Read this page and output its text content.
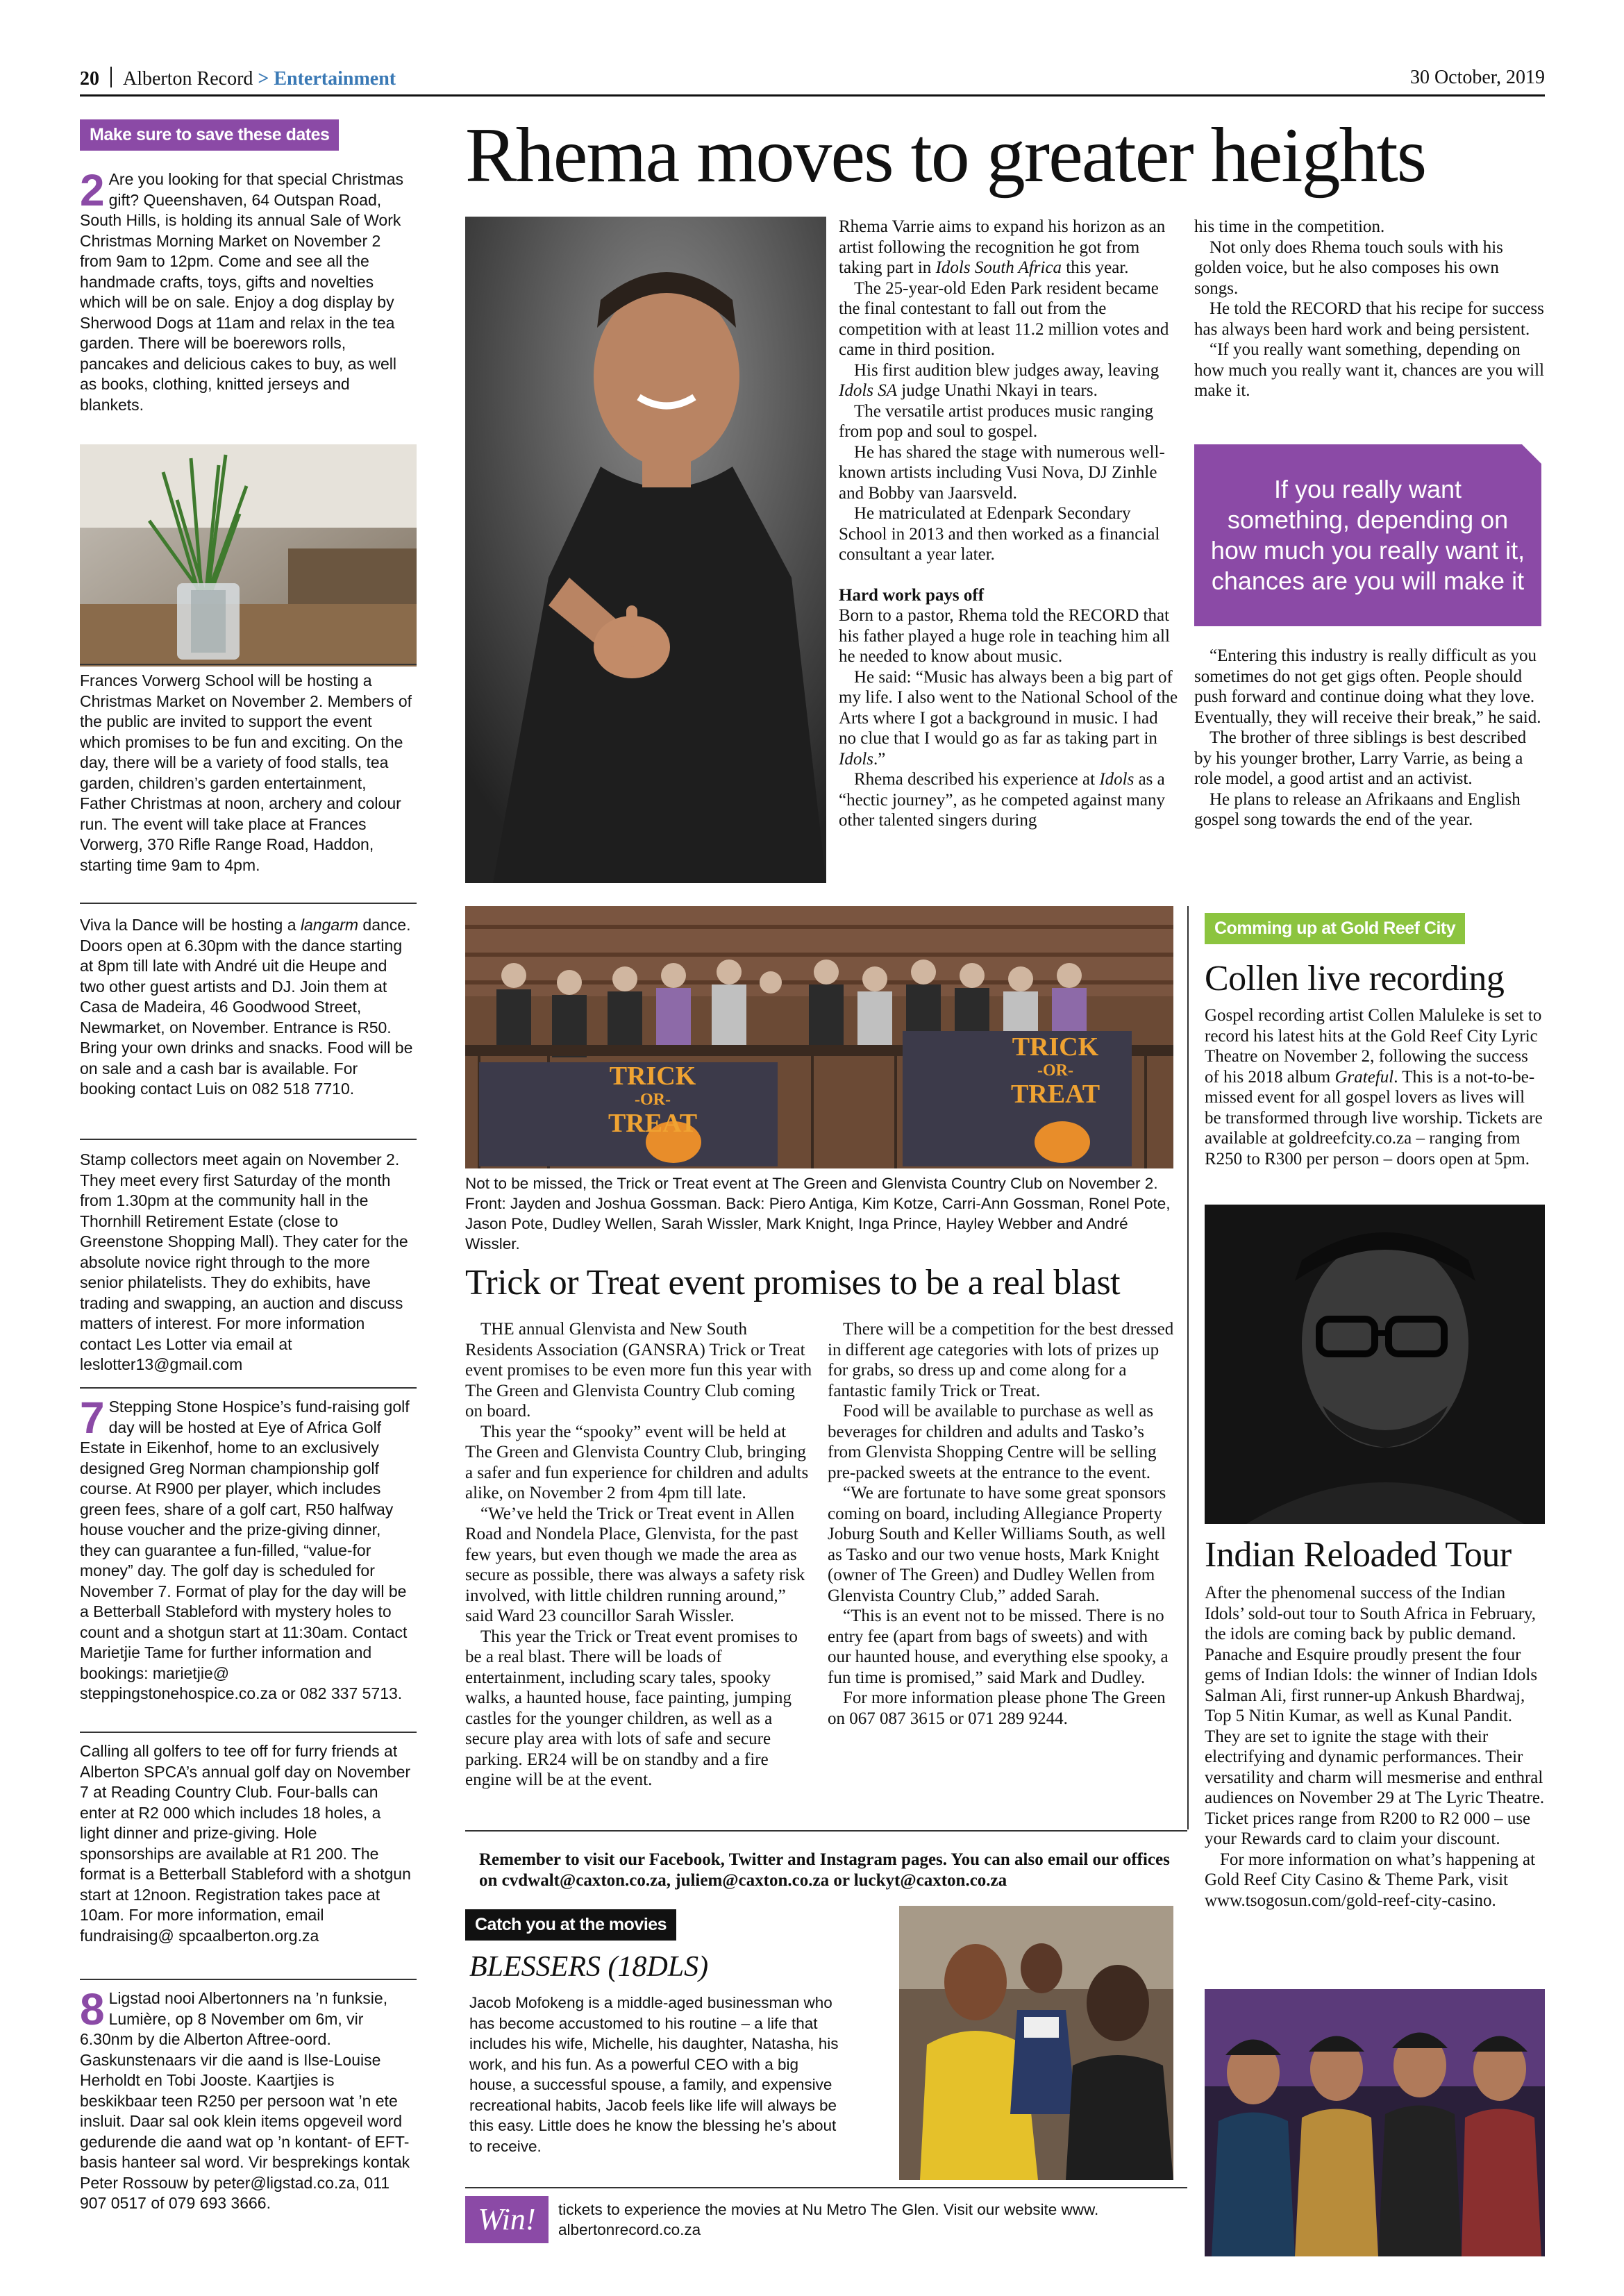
20 Alberton Record > Entertainment	30 October, 2019
Make sure to save these dates
2 Are you looking for that special Christmas gift? Queenshaven, 64 Outspan Road, South Hills, is holding its annual Sale of Work Christmas Morning Market on November 2 from 9am to 12pm. Come and see all the handmade crafts, toys, gifts and novelties which will be on sale. Enjoy a dog display by Sherwood Dogs at 11am and relax in the tea garden. There will be boerewors rolls, pancakes and delicious cakes to buy, as well as books, clothing, knitted jerseys and blankets.
Frances Vorwerg School will be hosting a Christmas Market on November 2. Members of the public are invited to support the event which promises to be fun and exciting. On the day, there will be a variety of food stalls, tea garden, children’s garden entertainment, Father Christmas at noon, archery and colour run. The event will take place at Frances Vorwerg, 370 Rifle Range Road, Haddon, starting time 9am to 4pm.
Viva la Dance will be hosting a langarm dance. Doors open at 6.30pm with the dance starting at 8pm till late with André uit die Heupe and two other guest artists and DJ. Join them at Casa de Madeira, 46 Goodwood Street, Newmarket, on November. Entrance is R50. Bring your own drinks and snacks. Food will be on sale and a cash bar is available. For booking contact Luis on 082 518 7710.
Stamp collectors meet again on November 2. They meet every first Saturday of the month from 1.30pm at the community hall in the Thornhill Retirement Estate (close to Greenstone Shopping Mall). They cater for the absolute novice right through to the more senior philatelists. They do exhibits, have trading and swapping, an auction and discuss matters of interest. For more information contact Les Lotter via email at leslotter13@gmail.com
7 Stepping Stone Hospice’s fund-raising golf day will be hosted at Eye of Africa Golf Estate in Eikenhof, home to an exclusively designed Greg Norman championship golf course. At R900 per player, which includes green fees, share of a golf cart, R50 halfway house voucher and the prize-giving dinner, they can guarantee a fun-filled, “value-for money” day. The golf day is scheduled for November 7. Format of play for the day will be a Betterball Stableford with mystery holes to count and a shotgun start at 11:30am. Contact Marietjie Tame for further information and bookings: marietjie@ steppingstonehospice.co.za or 082 337 5713.
Calling all golfers to tee off for furry friends at Alberton SPCA’s annual golf day on November 7 at Reading Country Club. Four-balls can enter at R2 000 which includes 18 holes, a light dinner and prize-giving. Hole sponsorships are available at R1 200. The format is a Betterball Stableford with a shotgun start at 12noon. Registration takes pace at 10am. For more information, email fundraising@ spcaalberton.org.za
8 Ligstad nooi Albertonners na ’n funksie, Lumière, op 8 November om 6m, vir 6.30nm by die Alberton Aftree-oord. Gaskunstenaars vir die aand is Ilse-Louise Herholdt en Tobi Jooste. Kaartjies is beskikbaar teen R250 per persoon wat ’n ete insluit. Daar sal ook klein items opgeveil word gedurende die aand wat op ’n kontant- of EFT-basis hanteer sal word. Vir besprekings kontak Peter Rossouw by peter@ligstad.co.za, 011 907 0517 of 079 693 3666.
Rhema moves to greater heights

Rhema Varrie aims to expand his horizon as an artist following the recognition he got from taking part in Idols South Africa this year.

The 25-year-old Eden Park resident became the final contestant to fall out from the competition with at least 11.2 million votes and came in third position.

His first audition blew judges away, leaving Idols SA judge Unathi Nkayi in tears.

The versatile artist produces music ranging from pop and soul to gospel.

He has shared the stage with numerous well-known artists including Vusi Nova, DJ Zinhle and Bobby van Jaarsveld.

He matriculated at Edenpark Secondary School in 2013 and then worked as a financial consultant a year later.

Hard work pays off

Born to a pastor, Rhema told the RECORD that his father played a huge role in teaching him all he needed to know about music.

He said: “Music has always been a big part of my life. I also went to the National School of the Arts where I got a background in music. I had no clue that I would go as far as taking part in Idols.”

Rhema described his experience at Idols as a “hectic journey”, as he competed against many other talented singers during

his time in the competition.

Not only does Rhema touch souls with his golden voice, but he also composes his own songs.

He told the RECORD that his recipe for success has always been hard work and being persistent.

“If you really want something, depending on how much you really want it, chances are you will make it.

If you really want something, depending on how much you really want it, chances are you will make it

“Entering this industry is really difficult as you sometimes do not get gigs often. People should push forward and continue doing what they love. Eventually, they will receive their break,” he said.

The brother of three siblings is best described by his younger brother, Larry Varrie, as being a role model, a good artist and an activist.

He plans to release an Afrikaans and English gospel song towards the end of the year.

TRICK
-OR-
TREAT
TRICK
-OR-
TREAT
Not to be missed, the Trick or Treat event at The Green and Glenvista Country Club on November 2. Front: Jayden and Joshua Gossman. Back: Piero Antiga, Kim Kotze, Carri-Ann Gossman, Ronel Pote, Jason Pote, Dudley Wellen, Sarah Wissler, Mark Knight, Inga Prince, Hayley Webber and André Wissler.
Trick or Treat event promises to be a real blast

THE annual Glenvista and New South Residents Association (GANSRA) Trick or Treat event promises to be even more fun this year with The Green and Glenvista Country Club coming on board.

This year the “spooky” event will be held at The Green and Glenvista Country Club, bringing a safer and fun experience for children and adults alike, on November 2 from 4pm till late.

“We’ve held the Trick or Treat event in Allen Road and Nondela Place, Glenvista, for the past few years, but even though we made the area as secure as possible, there was always a safety risk involved, with little children running around,” said Ward 23 councillor Sarah Wissler.

This year the Trick or Treat event promises to be a real blast. There will be loads of entertainment, including scary tales, spooky walks, a haunted house, face painting, jumping castles for the younger children, as well as a secure play area with lots of safe and secure parking. ER24 will be on standby and a fire engine will be at the event.

There will be a competition for the best dressed in different age categories with lots of prizes up for grabs, so dress up and come along for a fantastic family Trick or Treat.

Food will be available to purchase as well as beverages for children and adults and Tasko’s from Glenvista Shopping Centre will be selling pre-packed sweets at the entrance to the event.

“We are fortunate to have some great sponsors coming on board, including Allegiance Property Joburg South and Keller Williams South, as well as Tasko and our two venue hosts, Mark Knight (owner of The Green) and Dudley Wellen from Glenvista Country Club,” added Sarah.

“This is an event not to be missed. There is no entry fee (apart from bags of sweets) and with our haunted house, and everything else spooky, a fun time is promised,” said Mark and Dudley.

For more information please phone The Green on 067 087 3615 or 071 289 9244.

Remember to visit our Facebook, Twitter and Instagram pages. You can also email our offices on cvdwalt@caxton.co.za, juliem@caxton.co.za or luckyt@caxton.co.za
Catch you at the movies
BLESSERS (18DLS)
Jacob Mofokeng is a middle-aged businessman who has become accustomed to his routine – a life that includes his wife, Michelle, his daughter, Natasha, his work, and his fun. As a powerful CEO with a big house, a successful spouse, a family, and expensive recreational habits, Jacob feels like life will always be this easy. Little does he know the blessing he’s about to receive.
Win!	tickets to experience the movies at Nu Metro The Glen. Visit our website www. albertonrecord.co.za
Comming up at Gold Reef City
Collen live recording

Gospel recording artist Collen Maluleke is set to record his latest hits at the Gold Reef City Lyric Theatre on November 2, following the success of his 2018 album Grateful. This is a not-to-be-missed event for all gospel lovers as lives will be transformed through live worship. Tickets are available at goldreefcity.co.za – ranging from R250 to R300 per person – doors open at 5pm.

Indian Reloaded Tour

After the phenomenal success of the Indian Idols’ sold-out tour to South Africa in February, the idols are coming back by public demand. Panache and Esquire proudly present the four gems of Indian Idols: the winner of Indian Idols Salman Ali, first runner-up Ankush Bhardwaj, Top 5 Nitin Kumar, as well as Kunal Pandit. They are set to ignite the stage with their electrifying and dynamic performances. Their versatility and charm will mesmerise and enthral audiences on November 29 at The Lyric Theatre. Ticket prices range from R200 to R2 000 – use your Rewards card to claim your discount.

For more information on what’s happening at Gold Reef City Casino & Theme Park, visit www.tsogosun.com/gold-reef-city-casino.
